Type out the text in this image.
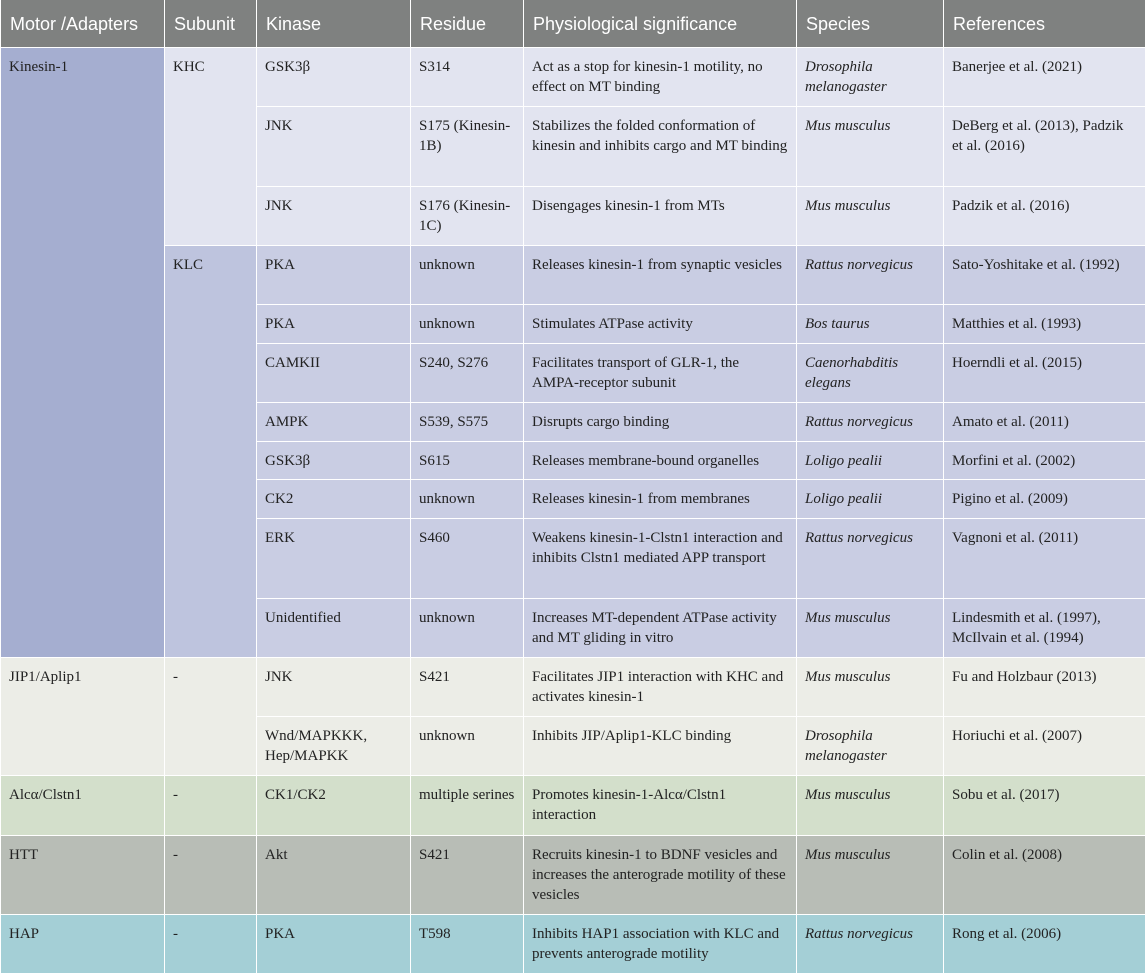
Motor /Adapters	Subunit	Kinase	Residue	Physiological significance	Species	References
Kinesin-1	KHC	GSK3β	S314	Act as a stop for kinesin-1 motility, no effect on MT binding	Drosophila melanogaster	Banerjee et al. (2021)
		JNK	S175 (Kinesin-1B)	Stabilizes the folded conformation of kinesin and inhibits cargo and MT binding	Mus musculus	DeBerg et al. (2013), Padzik et al. (2016)
		JNK	S176 (Kinesin-1C)	Disengages kinesin-1 from MTs	Mus musculus	Padzik et al. (2016)
	KLC	PKA	unknown	Releases kinesin-1 from synaptic vesicles	Rattus norvegicus	Sato-Yoshitake et al. (1992)
		PKA	unknown	Stimulates ATPase activity	Bos taurus	Matthies et al. (1993)
		CAMKII	S240, S276	Facilitates transport of GLR-1, the AMPA-receptor subunit	Caenorhabditis elegans	Hoerndli et al. (2015)
		AMPK	S539, S575	Disrupts cargo binding	Rattus norvegicus	Amato et al. (2011)
		GSK3β	S615	Releases membrane-bound organelles	Loligo pealii	Morfini et al. (2002)
		CK2	unknown	Releases kinesin-1 from membranes	Loligo pealii	Pigino et al. (2009)
		ERK	S460	Weakens kinesin-1-Clstn1 interaction and inhibits Clstn1 mediated APP transport	Rattus norvegicus	Vagnoni et al. (2011)
		Unidentified	unknown	Increases MT-dependent ATPase activity and MT gliding in vitro	Mus musculus	Lindesmith et al. (1997), McIlvain et al. (1994)
JIP1/Aplip1	-	JNK	S421	Facilitates JIP1 interaction with KHC and activates kinesin-1	Mus musculus	Fu and Holzbaur (2013)
		Wnd/MAPKKK, Hep/MAPKK	unknown	Inhibits JIP/Aplip1-KLC binding	Drosophila melanogaster	Horiuchi et al. (2007)
Alcα/Clstn1	-	CK1/CK2	multiple serines	Promotes kinesin-1-Alcα/Clstn1 interaction	Mus musculus	Sobu et al. (2017)
HTT	-	Akt	S421	Recruits kinesin-1 to BDNF vesicles and increases the anterograde motility of these vesicles	Mus musculus	Colin et al. (2008)
HAP	-	PKA	T598	Inhibits HAP1 association with KLC and prevents anterograde motility	Rattus norvegicus	Rong et al. (2006)
